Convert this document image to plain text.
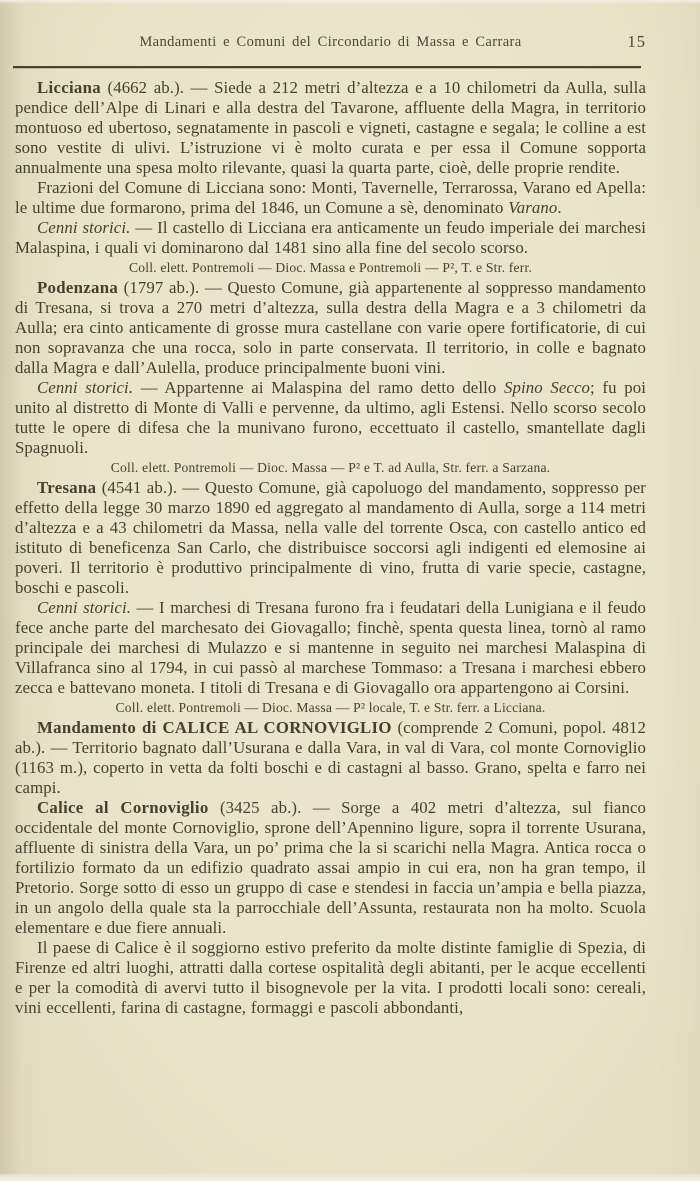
Mandamenti e Comuni del Circondario di Massa e Carrara	15

Licciana (4662 ab.). — Siede a 212 metri d’altezza e a 10 chilometri da Aulla, sulla pendice dell’Alpe di Linari e alla destra del Tavarone, affluente della Magra, in territorio montuoso ed ubertoso, segnatamente in pascoli e vigneti, castagne e segala; le colline a est sono vestite di ulivi. L’istruzione vi è molto curata e per essa il Comune sopporta annualmente una spesa molto rilevante, quasi la quarta parte, cioè, delle proprie rendite.

Frazioni del Comune di Licciana sono: Monti, Tavernelle, Terrarossa, Varano ed Apella: le ultime due formarono, prima del 1846, un Comune a sè, denominato Varano.

Cenni storici. — Il castello di Licciana era anticamente un feudo imperiale dei marchesi Malaspina, i quali vi dominarono dal 1481 sino alla fine del secolo scorso.

Coll. elett. Pontremoli — Dioc. Massa e Pontremoli — P², T. e Str. ferr.

Podenzana (1797 ab.). — Questo Comune, già appartenente al soppresso mandamento di Tresana, si trova a 270 metri d’altezza, sulla destra della Magra e a 3 chilometri da Aulla; era cinto anticamente di grosse mura castellane con varie opere fortificatorie, di cui non sopravanza che una rocca, solo in parte conservata. Il territorio, in colle e bagnato dalla Magra e dall’Aulella, produce principalmente buoni vini.

Cenni storici. — Appartenne ai Malaspina del ramo detto dello Spino Secco; fu poi unito al distretto di Monte di Valli e pervenne, da ultimo, agli Estensi. Nello scorso secolo tutte le opere di difesa che la munivano furono, eccettuato il castello, smantellate dagli Spagnuoli.

Coll. elett. Pontremoli — Dioc. Massa — P² e T. ad Aulla, Str. ferr. a Sarzana.

Tresana (4541 ab.). — Questo Comune, già capoluogo del mandamento, soppresso per effetto della legge 30 marzo 1890 ed aggregato al mandamento di Aulla, sorge a 114 metri d’altezza e a 43 chilometri da Massa, nella valle del torrente Osca, con castello antico ed istituto di beneficenza San Carlo, che distribuisce soccorsi agli indigenti ed elemosine ai poveri. Il territorio è produttivo principalmente di vino, frutta di varie specie, castagne, boschi e pascoli.

Cenni storici. — I marchesi di Tresana furono fra i feudatari della Lunigiana e il feudo fece anche parte del marchesato dei Giovagallo; finchè, spenta questa linea, tornò al ramo principale dei marchesi di Mulazzo e si mantenne in seguito nei marchesi Malaspina di Villafranca sino al 1794, in cui passò al marchese Tommaso: a Tresana i marchesi ebbero zecca e battevano moneta. I titoli di Tresana e di Giovagallo ora appartengono ai Corsini.

Coll. elett. Pontremoli — Dioc. Massa — P² locale, T. e Str. ferr. a Licciana.

Mandamento di CALICE AL CORNOVIGLIO (comprende 2 Comuni, popol. 4812 ab.). — Territorio bagnato dall’Usurana e dalla Vara, in val di Vara, col monte Cornoviglio (1163 m.), coperto in vetta da folti boschi e di castagni al basso. Grano, spelta e farro nei campi.

Calice al Cornoviglio (3425 ab.). — Sorge a 402 metri d’altezza, sul fianco occidentale del monte Cornoviglio, sprone dell’Apennino ligure, sopra il torrente Usurana, affluente di sinistra della Vara, un po’ prima che la si scarichi nella Magra. Antica rocca o fortilizio formato da un edifizio quadrato assai ampio in cui era, non ha gran tempo, il Pretorio. Sorge sotto di esso un gruppo di case e stendesi in faccia un’ampia e bella piazza, in un angolo della quale sta la parrocchiale dell’Assunta, restaurata non ha molto. Scuola elementare e due fiere annuali.

Il paese di Calice è il soggiorno estivo preferito da molte distinte famiglie di Spezia, di Firenze ed altri luoghi, attratti dalla cortese ospitalità degli abitanti, per le acque eccellenti e per la comodità di avervi tutto il bisognevole per la vita. I prodotti locali sono: cereali, vini eccellenti, farina di castagne, formaggi e pascoli abbondanti,
